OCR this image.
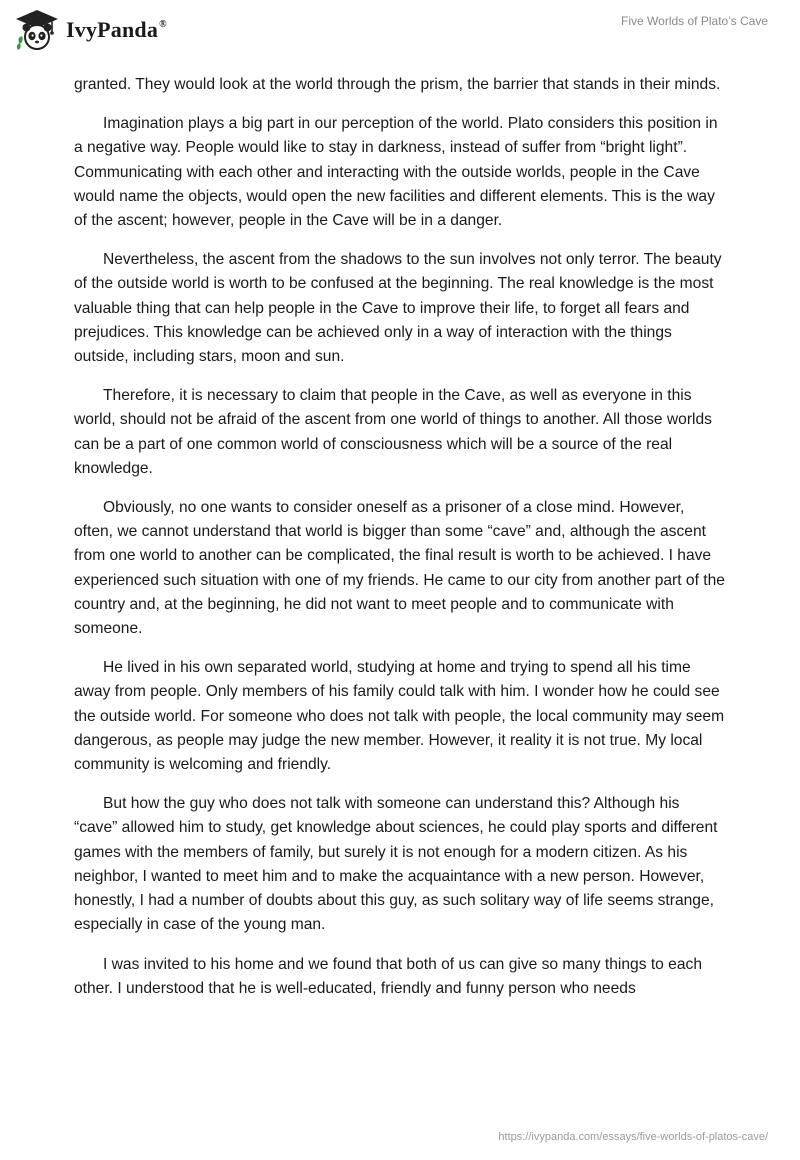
IvyPanda®	Five Worlds of Plato’s Cave

granted. They would look at the world through the prism, the barrier that stands in their minds.

Imagination plays a big part in our perception of the world. Plato considers this position in a negative way. People would like to stay in darkness, instead of suffer from “bright light”. Communicating with each other and interacting with the outside worlds, people in the Cave would name the objects, would open the new facilities and different elements. This is the way of the ascent; however, people in the Cave will be in a danger.

Nevertheless, the ascent from the shadows to the sun involves not only terror. The beauty of the outside world is worth to be confused at the beginning. The real knowledge is the most valuable thing that can help people in the Cave to improve their life, to forget all fears and prejudices. This knowledge can be achieved only in a way of interaction with the things outside, including stars, moon and sun.

Therefore, it is necessary to claim that people in the Cave, as well as everyone in this world, should not be afraid of the ascent from one world of things to another. All those worlds can be a part of one common world of consciousness which will be a source of the real knowledge.

Obviously, no one wants to consider oneself as a prisoner of a close mind. However, often, we cannot understand that world is bigger than some “cave” and, although the ascent from one world to another can be complicated, the final result is worth to be achieved. I have experienced such situation with one of my friends. He came to our city from another part of the country and, at the beginning, he did not want to meet people and to communicate with someone.

He lived in his own separated world, studying at home and trying to spend all his time away from people. Only members of his family could talk with him. I wonder how he could see the outside world. For someone who does not talk with people, the local community may seem dangerous, as people may judge the new member. However, it reality it is not true. My local community is welcoming and friendly.

But how the guy who does not talk with someone can understand this? Although his “cave” allowed him to study, get knowledge about sciences, he could play sports and different games with the members of family, but surely it is not enough for a modern citizen. As his neighbor, I wanted to meet him and to make the acquaintance with a new person. However, honestly, I had a number of doubts about this guy, as such solitary way of life seems strange, especially in case of the young man.

I was invited to his home and we found that both of us can give so many things to each other. I understood that he is well-educated, friendly and funny person who needs

https://ivypanda.com/essays/five-worlds-of-platos-cave/
